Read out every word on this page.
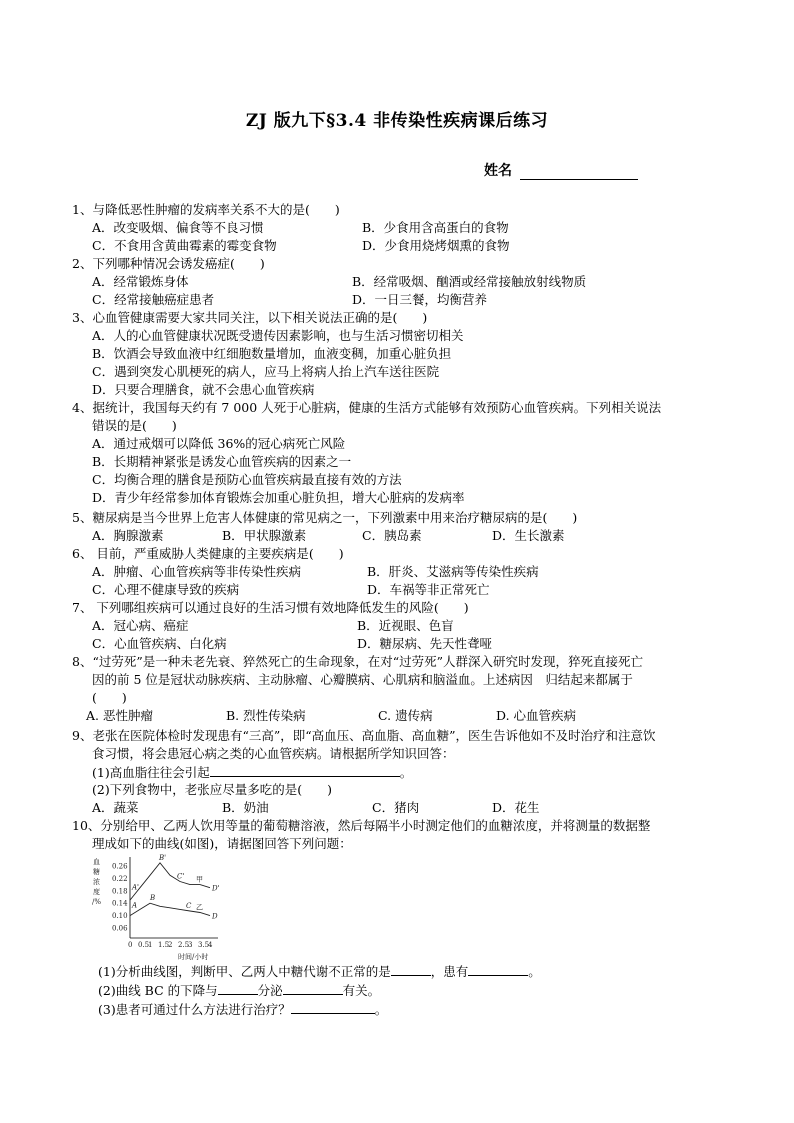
ZJ 版九下§3.4 非传染性疾病课后练习
姓名
1、与降低恶性肿瘤的发病率关系不大的是(　　)
A．改变吸烟、偏食等不良习惯	B．少食用含高蛋白的食物
C．不食用含黄曲霉素的霉变食物	D．少食用烧烤烟熏的食物
2、下列哪种情况会诱发癌症(　　)
A．经常锻炼身体	B．经常吸烟、酗酒或经常接触放射线物质
C．经常接触癌症患者	D．一日三餐，均衡营养
3、心血管健康需要大家共同关注，以下相关说法正确的是(　　)
A．人的心血管健康状况既受遗传因素影响，也与生活习惯密切相关
B．饮酒会导致血液中红细胞数量增加，血液变稠，加重心脏负担
C．遇到突发心肌梗死的病人，应马上将病人抬上汽车送往医院
D．只要合理膳食，就不会患心血管疾病
4、据统计，我国每天约有 7 000 人死于心脏病，健康的生活方式能够有效预防心血管疾病。下列相关说法
错误的是(　　)
A．通过戒烟可以降低 36%的冠心病死亡风险
B．长期精神紧张是诱发心血管疾病的因素之一
C．均衡合理的膳食是预防心血管疾病最直接有效的方法
D．青少年经常参加体育锻炼会加重心脏负担，增大心脏病的发病率
5、糖尿病是当今世界上危害人体健康的常见病之一，下列激素中用来治疗糖尿病的是(　　)
A．胸腺激素	B．甲状腺激素	C．胰岛素	D．生长激素
6、 目前，严重威胁人类健康的主要疾病是(　　)
A．肿瘤、心血管疾病等非传染性疾病	B．肝炎、艾滋病等传染性疾病
C．心理不健康导致的疾病	D．车祸等非正常死亡
7、 下列哪组疾病可以通过良好的生活习惯有效地降低发生的风险(　　)
A．冠心病、癌症	B．近视眼、色盲
C．心血管疾病、白化病	D．糖尿病、先天性聋哑
8、“过劳死”是一种未老先衰、猝然死亡的生命现象，在对“过劳死”人群深入研究时发现，猝死直接死亡
因的前 5 位是冠状动脉疾病、主动脉瘤、心瓣膜病、心肌病和脑溢血。上述病因　归结起来都属于
(　　)
A. 恶性肿瘤	B. 烈性传染病	C. 遗传病	D. 心血管疾病
9、老张在医院体检时发现患有“三高”，即“高血压、高血脂、高血糖”，医生告诉他如不及时治疗和注意饮
食习惯，将会患冠心病之类的心血管疾病。请根据所学知识回答：
(1)高血脂往往会引起	。
(2)下列食物中，老张应尽量多吃的是(　　)
A．蔬菜	B．奶油	C．猪肉	D．花生
10、分别给甲、乙两人饮用等量的葡萄糖溶液，然后每隔半小时测定他们的血糖浓度，并将测量的数据整
理成如下的曲线(如图)，请据图回答下列问题：
0.26
0.22
0.18
0.14
0.10
0.06
0 0.5
1 1.5
2 2.5
3 3.5
4
A'
B'
C'
D'
A
B
C
D
甲
乙
血
糖
浓
度
/%
时间/小时
(1)分析曲线图，判断甲、乙两人中糖代谢不正常的是	，患有	。
(2)曲线 BC 的下降与	分泌	有关。
(3)患者可通过什么方法进行治疗？	。
